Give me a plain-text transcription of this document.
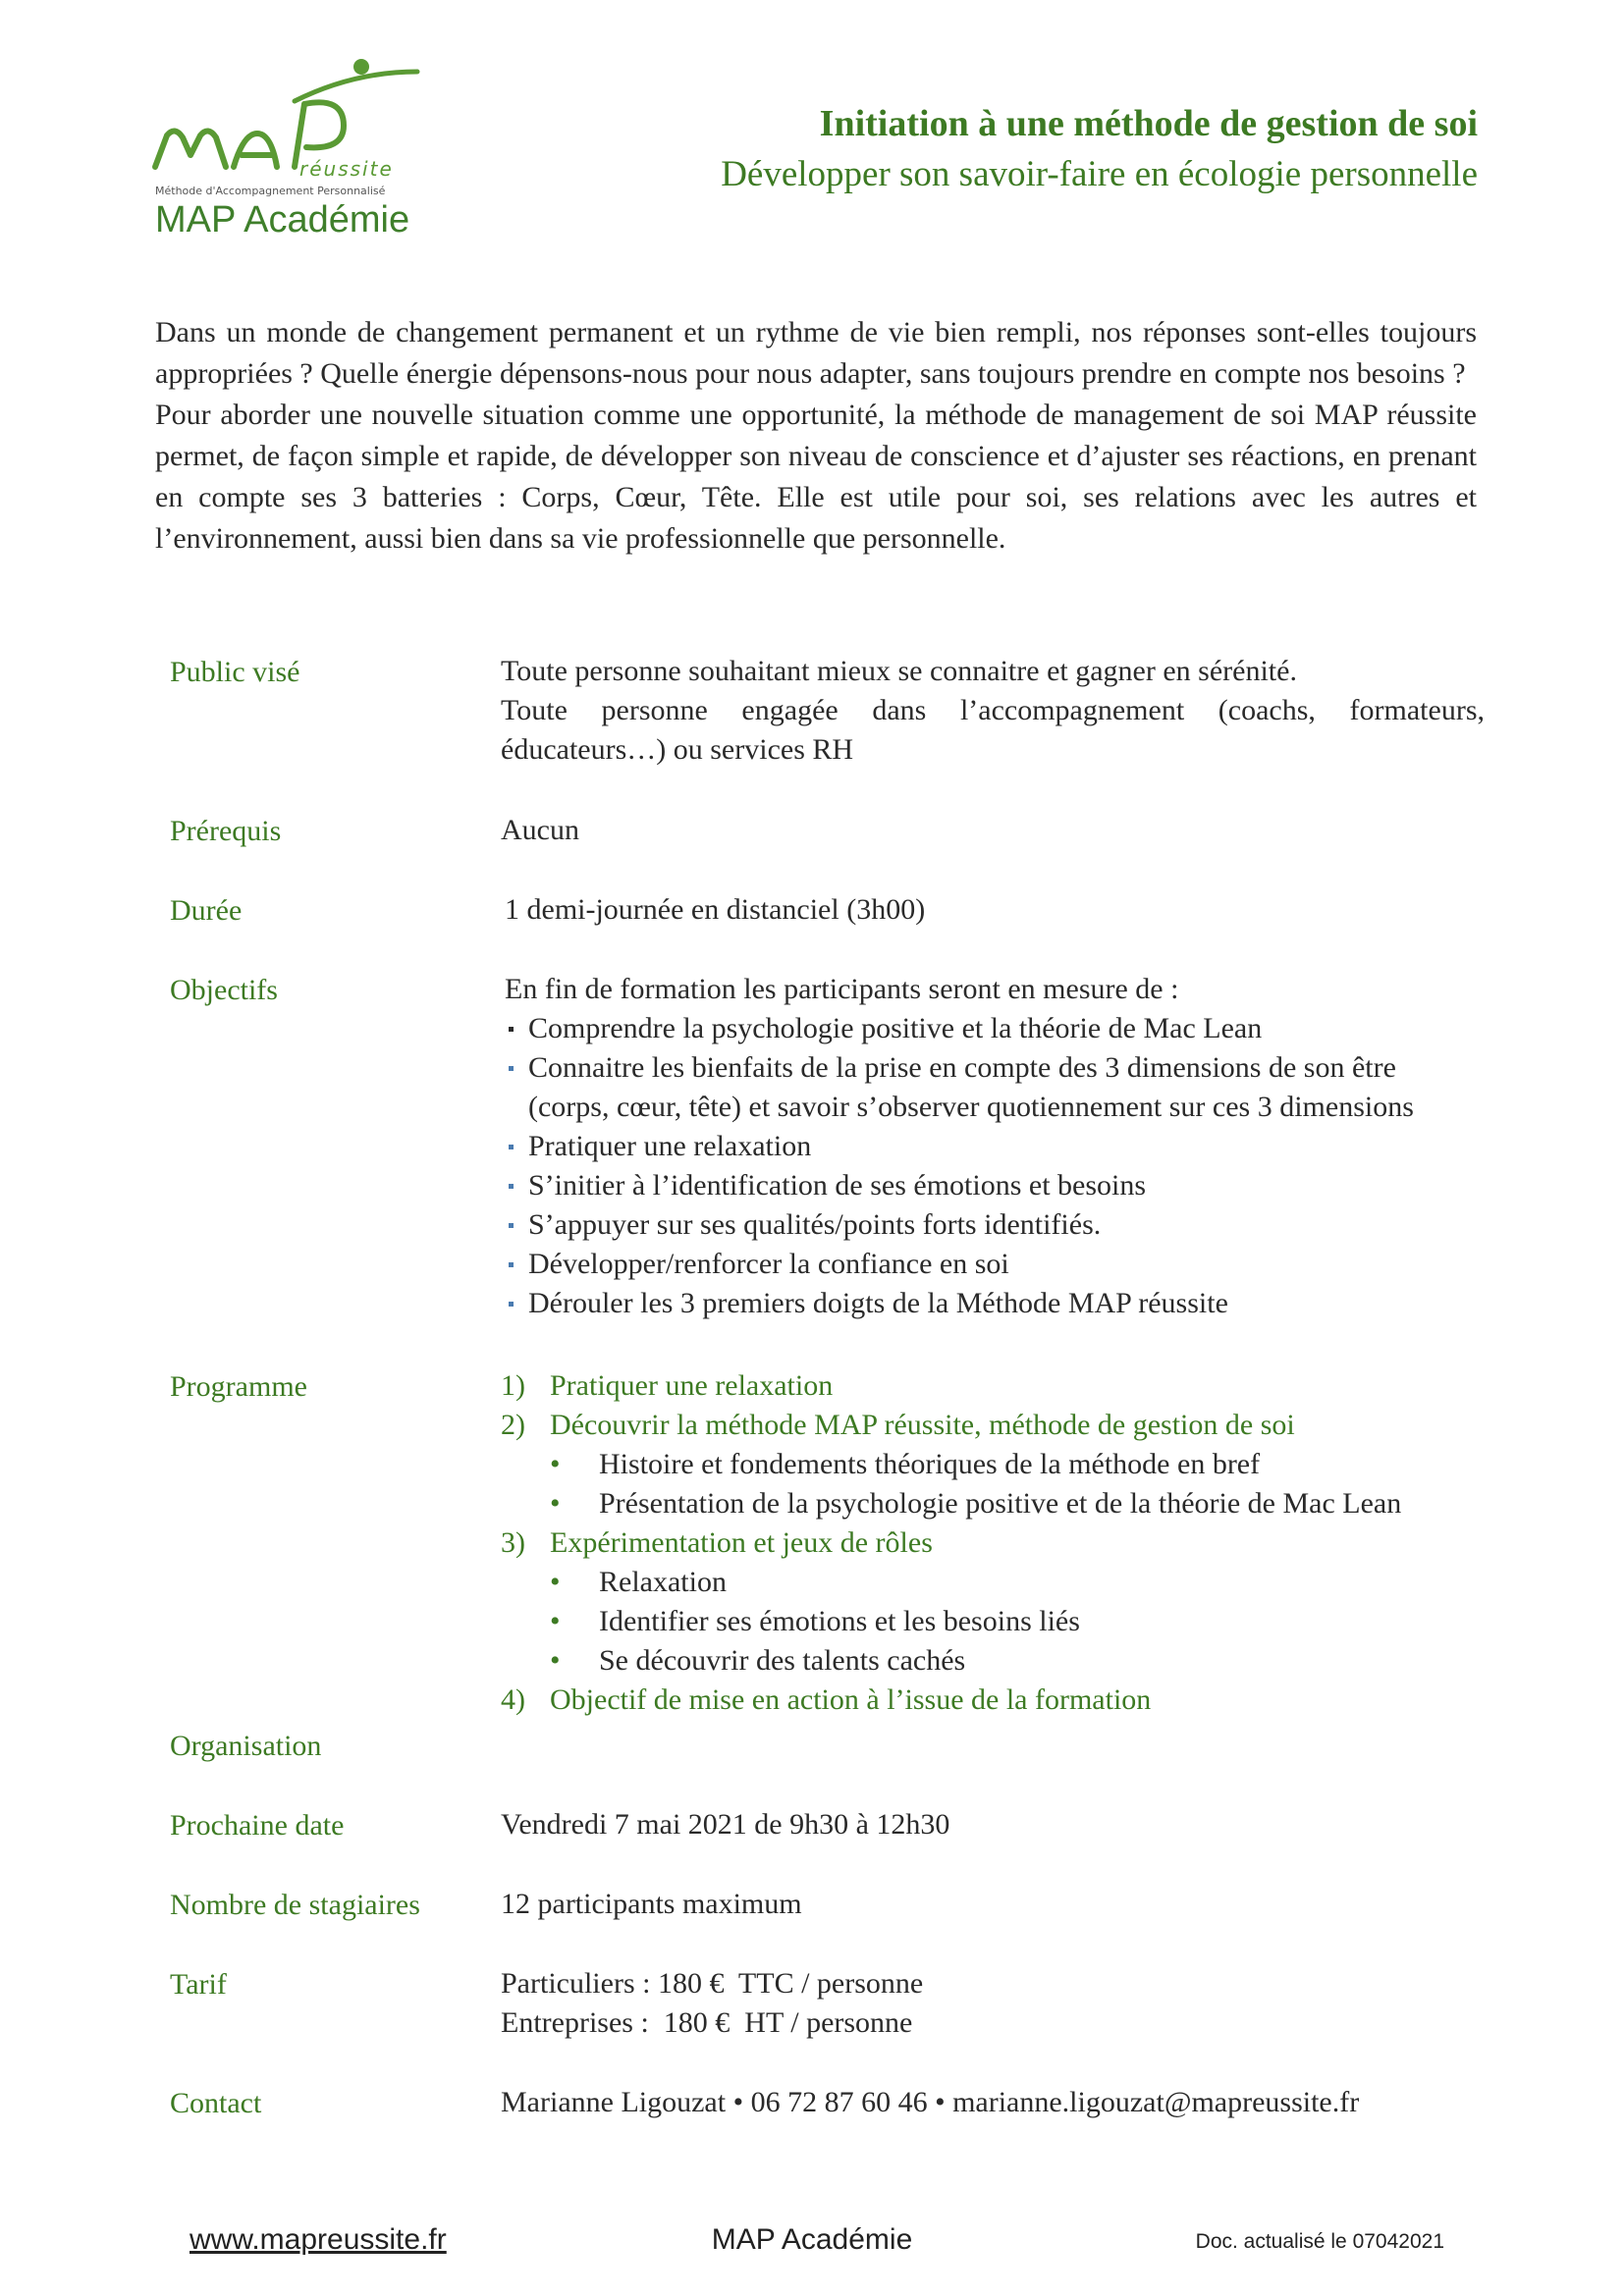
réussite
Méthode d'Accompagnement Personnalisé
MAP Académie
Initiation à une méthode de gestion de soi
Développer son savoir-faire en écologie personnelle

Dans un monde de changement permanent et un rythme de vie bien rempli, nos réponses sont-elles toujours appropriées ? Quelle énergie dépensons-nous pour nous adapter, sans toujours prendre en compte nos besoins ?

Pour aborder une nouvelle situation comme une opportunité, la méthode de management de soi MAP réussite permet, de façon simple et rapide, de développer son niveau de conscience et d’ajuster ses réactions, en prenant en compte ses 3 batteries : Corps, Cœur, Tête. Elle est utile pour soi, ses relations avec les autres et l’environnement, aussi bien dans sa vie professionnelle que personnelle.

Public visé	Toute personne souhaitant mieux se connaitre et gagner en sérénité.
Toute personne engagée dans l’accompagnement (coachs, formateurs,
éducateurs…) ou services RH
Prérequis	Aucun
Durée	1 demi-journée en distanciel (3h00)
Objectifs	En fin de formation les participants seront en mesure de :
Comprendre la psychologie positive et la théorie de Mac Lean
Connaitre les bienfaits de la prise en compte des 3 dimensions de son être
(corps, cœur, tête) et savoir s’observer quotiennement sur ces 3 dimensions
Pratiquer une relaxation
S’initier à l’identification de ses émotions et besoins
S’appuyer sur ses qualités/points forts identifiés.
Développer/renforcer la confiance en soi
Dérouler les 3 premiers doigts de la Méthode MAP réussite
Programme	1) Pratiquer une relaxation
2) Découvrir la méthode MAP réussite, méthode de gestion de soi
• Histoire et fondements théoriques de la méthode en bref
• Présentation de la psychologie positive et de la théorie de Mac Lean
3) Expérimentation et jeux de rôles
• Relaxation
• Identifier ses émotions et les besoins liés
• Se découvrir des talents cachés
4) Objectif de mise en action à l’issue de la formation
Organisation
Prochaine date	Vendredi 7 mai 2021 de 9h30 à 12h30
Nombre de stagiaires	12 participants maximum
Tarif	Particuliers : 180 €  TTC / personne
Entreprises :  180 €  HT / personne
Contact	Marianne Ligouzat • 06 72 87 60 46 • marianne.ligouzat@mapreussite.fr
www.mapreussite.fr	MAP Académie	Doc. actualisé le 07042021
